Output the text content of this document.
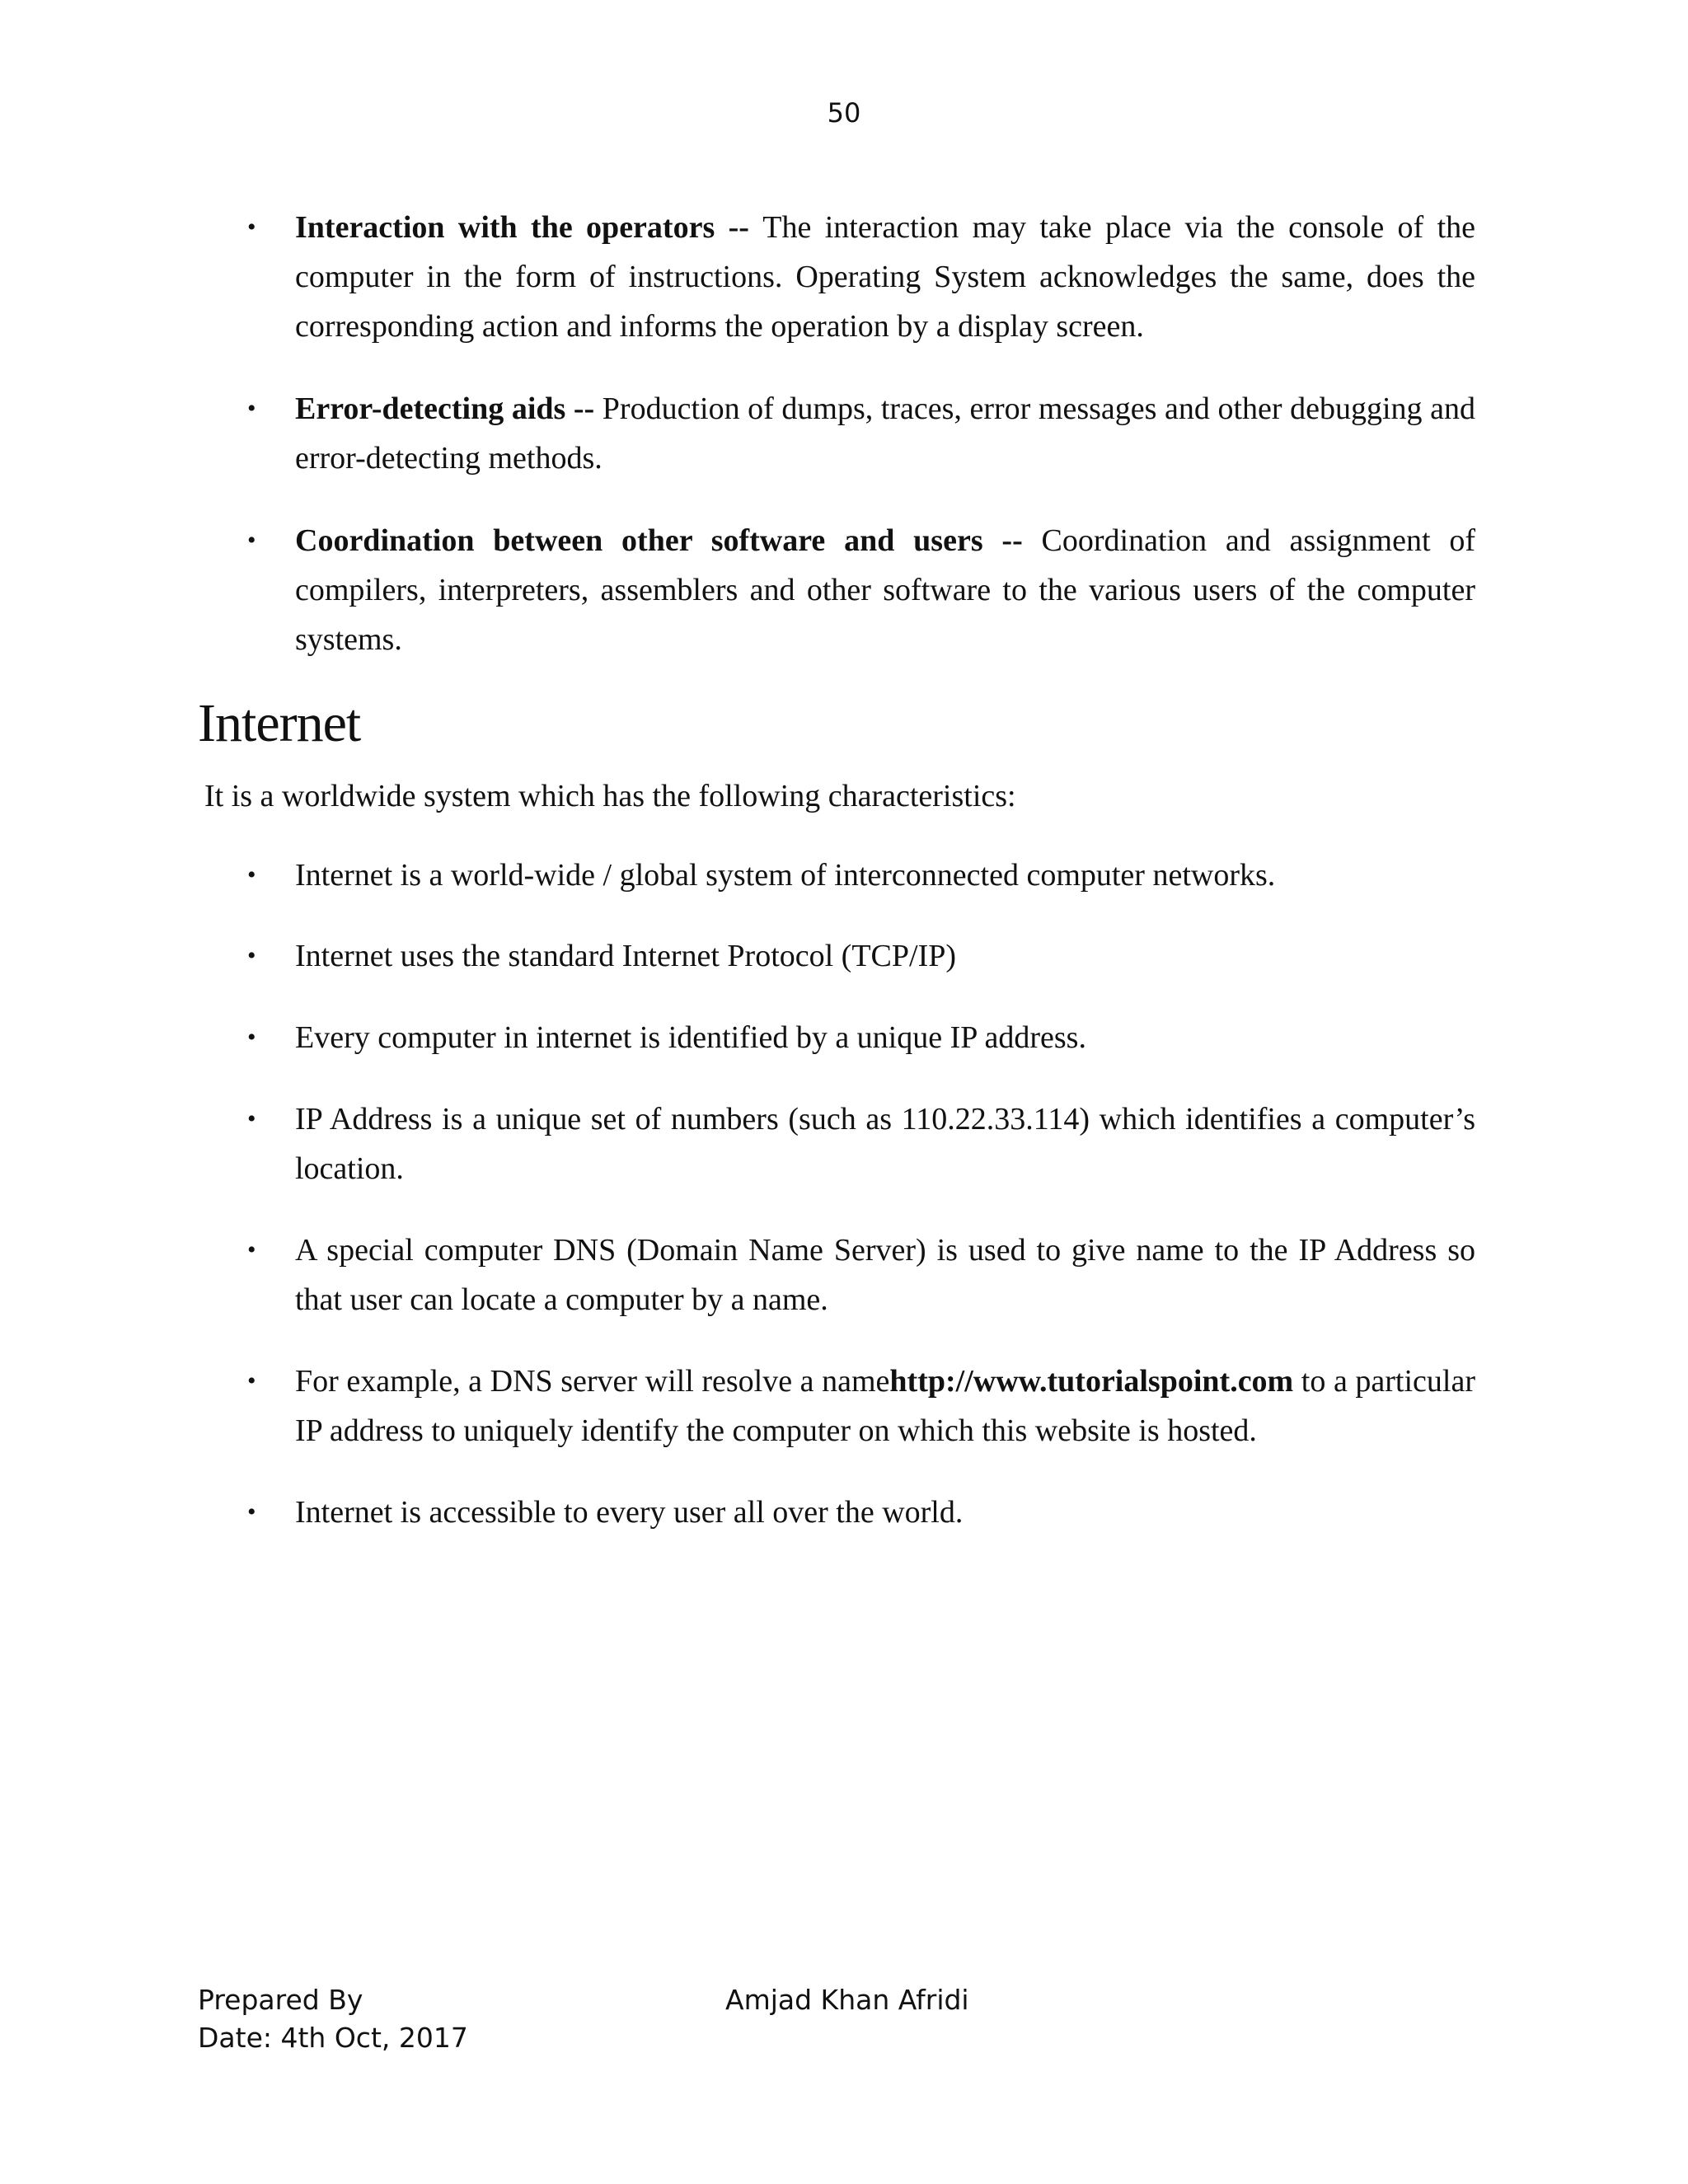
50
• Interaction with the operators -- The interaction may take place via the console of the computer in the form of instructions. Operating System acknowledges the same, does the corresponding action and informs the operation by a display screen.
• Error-detecting aids -- Production of dumps, traces, error messages and other debugging and error-detecting methods.
• Coordination between other software and users -- Coordination and assignment of compilers, interpreters, assemblers and other software to the various users of the computer systems.
Internet
It is a worldwide system which has the following characteristics:
• Internet is a world-wide / global system of interconnected computer networks.
• Internet uses the standard Internet Protocol (TCP/IP)
• Every computer in internet is identified by a unique IP address.
• IP Address is a unique set of numbers (such as 110.22.33.114) which identifies a computer’s location.
• A special computer DNS (Domain Name Server) is used to give name to the IP Address so that user can locate a computer by a name.
• For example, a DNS server will resolve a namehttp://www.tutorialspoint.com to a particular IP address to uniquely identify the computer on which this website is hosted.
• Internet is accessible to every user all over the world.
Prepared By	Amjad Khan Afridi
Date: 4th Oct, 2017
